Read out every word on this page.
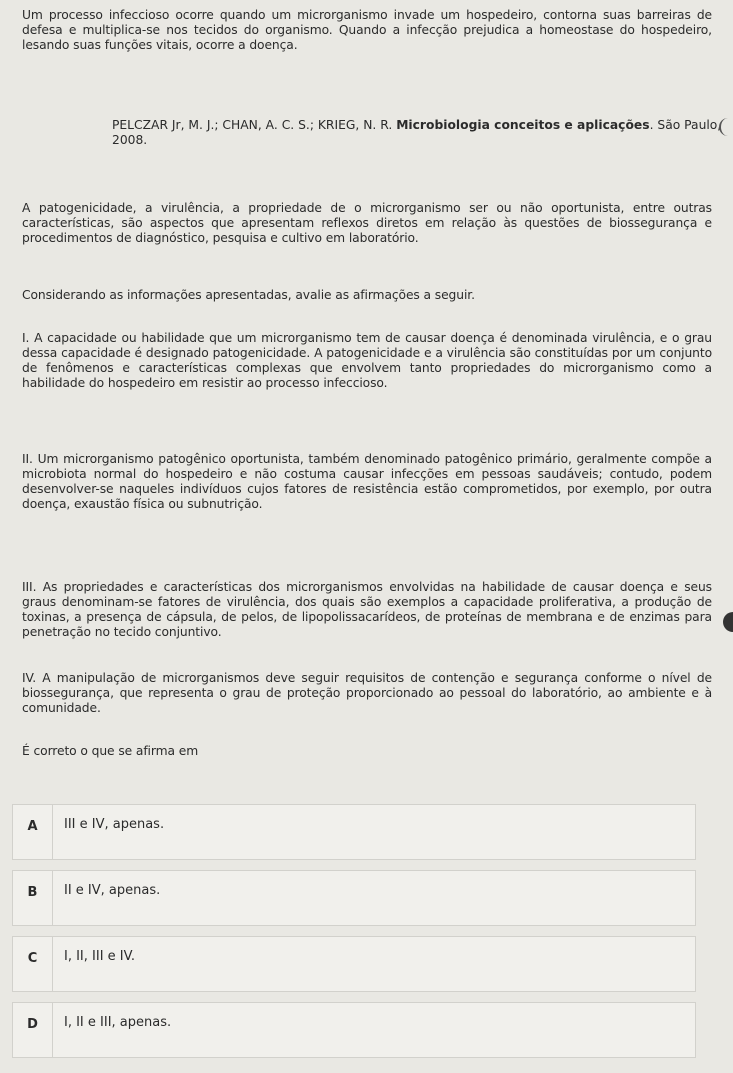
Um processo infeccioso ocorre quando um microrganismo invade um hospedeiro, contorna suas barreiras de defesa e multiplica-se nos tecidos do organismo. Quando a infecção prejudica a homeostase do hospedeiro, lesando suas funções vitais, ocorre a doença.

PELCZAR Jr, M. J.; CHAN, A. C. S.; KRIEG, N. R. Microbiologia conceitos e aplicações. São Paulo, 2008.

A patogenicidade, a virulência, a propriedade de o microrganismo ser ou não oportunista, entre outras características, são aspectos que apresentam reflexos diretos em relação às questões de biossegurança e procedimentos de diagnóstico, pesquisa e cultivo em laboratório.

Considerando as informações apresentadas, avalie as afirmações a seguir.

I. A capacidade ou habilidade que um microrganismo tem de causar doença é denominada virulência, e o grau dessa capacidade é designado patogenicidade. A patogenicidade e a virulência são constituídas por um conjunto de fenômenos e características complexas que envolvem tanto propriedades do microrganismo como a habilidade do hospedeiro em resistir ao processo infeccioso.

II. Um microrganismo patogênico oportunista, também denominado patogênico primário, geralmente compõe a microbiota normal do hospedeiro e não costuma causar infecções em pessoas saudáveis; contudo, podem desenvolver-se naqueles indivíduos cujos fatores de resistência estão comprometidos, por exemplo, por outra doença, exaustão física ou subnutrição.

III. As propriedades e características dos microrganismos envolvidas na habilidade de causar doença e seus graus denominam-se fatores de virulência, dos quais são exemplos a capacidade proliferativa, a produção de toxinas, a presença de cápsula, de pelos, de lipopolissacarídeos, de proteínas de membrana e de enzimas para penetração no tecido conjuntivo.

IV. A manipulação de microrganismos deve seguir requisitos de contenção e segurança conforme o nível de biossegurança, que representa o grau de proteção proporcionado ao pessoal do laboratório, ao ambiente e à comunidade.

É correto o que se afirma em

A	III e IV, apenas.
B	II e IV, apenas.
C	I, II, III e IV.
D	I, II e III, apenas.
